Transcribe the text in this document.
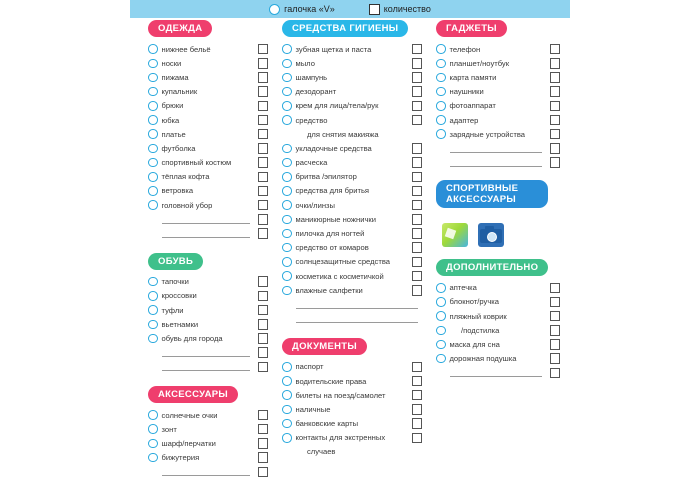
галочка «V»	количество
ОДЕЖДА
нижнее бельё
носки
пижама
купальник
брюки
юбка
платье
футболка
спортивный костюм
тёплая кофта
ветровка
головной убор
ОБУВЬ
тапочки
кроссовки
туфли
вьетнамки
обувь для города
АКСЕССУАРЫ
солнечные очки
зонт
шарф/перчатки
бижутерия
СРЕДСТВА ГИГИЕНЫ
зубная щетка и паста
мыло
шампунь
дезодорант
крем для лица/тела/рук
средство
для снятия макияжа
укладочные средства
расческа
бритва /эпилятор
средства для бритья
очки/линзы
маникюрные ножнички
пилочка для ногтей
средство от комаров
солнцезащитные средства
косметика с косметичкой
влажные салфетки
ДОКУМЕНТЫ
паспорт
водительские права
билеты на поезд/самолет
наличные
банковские карты
контакты для экстренных
случаев
ГАДЖЕТЫ
телефон
планшет/ноутбук
карта памяти
наушники
фотоаппарат
адаптер
зарядные устройства
СПОРТИВНЫЕ АКСЕССУАРЫ
ДОПОЛНИТЕЛЬНО
аптечка
блокнот/ручка
пляжный коврик
/подстилка
маска для сна
дорожная подушка
